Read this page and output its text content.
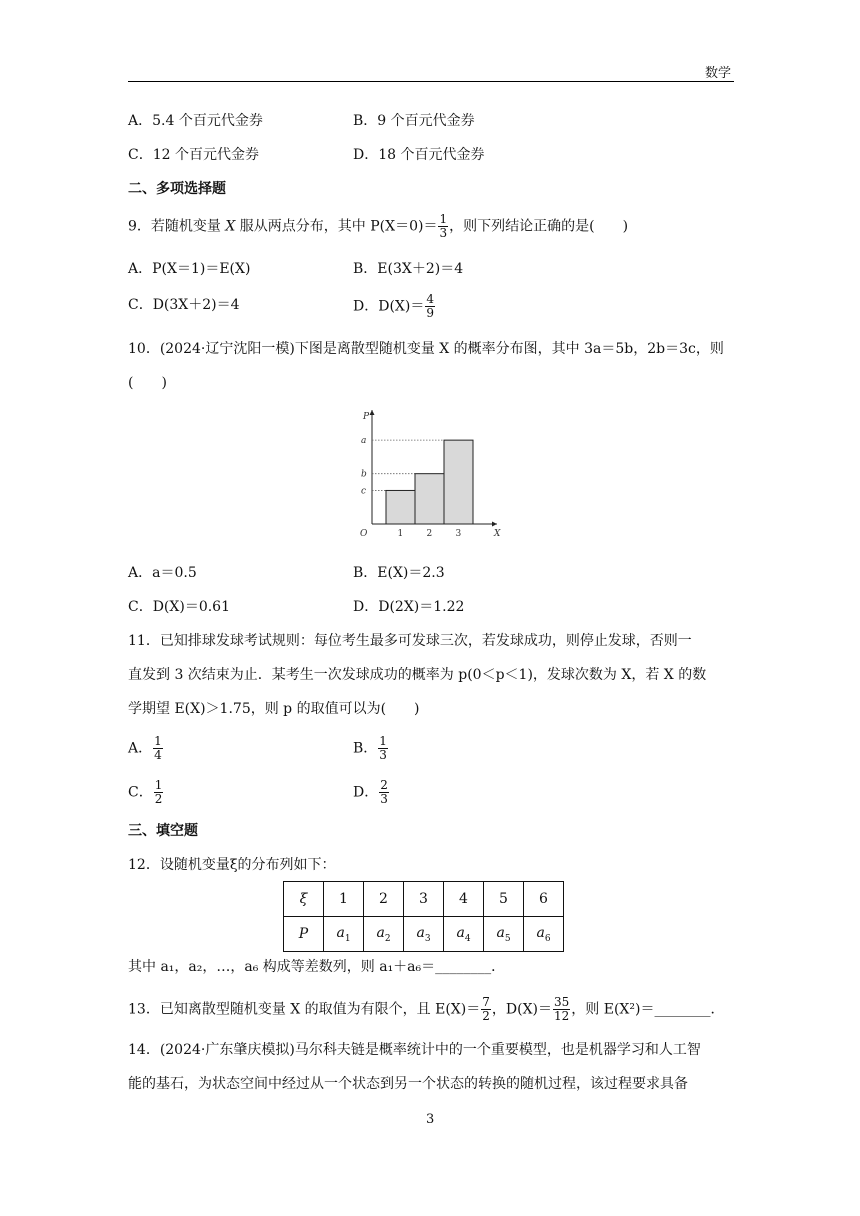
数学
A．5.4 个百元代金券	B．9 个百元代金券
C．12 个百元代金券	D．18 个百元代金券
二、多项选择题
9．若随机变量 X 服从两点分布，其中 $P(X=0)= \frac{1}{3}$ ，则下列结论正确的是(　　)
A．P(X＝1)＝E(X)	B．E(3X＋2)＝4
C．D(3X＋2)＝4	D．$D(X)= \frac{4}{9}$
10．(2024·辽宁沈阳一模)下图是离散型随机变量 X 的概率分布图，其中 3a＝5b，2b＝3c，则
(　　)
O	X
P
c
1
b
2
a
3
A．a＝0.5	B．E(X)＝2.3
C．D(X)＝0.61	D．D(2X)＝1.22
11．已知排球发球考试规则：每位考生最多可发球三次，若发球成功，则停止发球，否则一
直发到 3 次结束为止．某考生一次发球成功的概率为 p(0＜p＜1)，发球次数为 X，若 X 的数
学期望 E(X)＞1.75，则 p 的取值可以为(　　)
A． $\frac{1}{4}$	B． $\frac{1}{3}$
C． $\frac{1}{2}$	D． $\frac{2}{3}$
三、填空题
12．设随机变量ξ的分布列如下：
ξ	1	2	3	4	5	6
P	$a_1$	$a_2$	$a_3$	$a_4$	$a_5$	$a_6$
其中 a₁，a₂，…，a₆ 构成等差数列，则 a₁＋a₆＝________．
13．已知离散型随机变量 X 的取值为有限个，且 $E(X)= \frac{7}{2}$ ，$D(X)= \frac{35}{12}$ ，则 E(X²)＝________．
14．(2024·广东肇庆模拟)马尔科夫链是概率统计中的一个重要模型，也是机器学习和人工智
能的基石，为状态空间中经过从一个状态到另一个状态的转换的随机过程，该过程要求具备
3
